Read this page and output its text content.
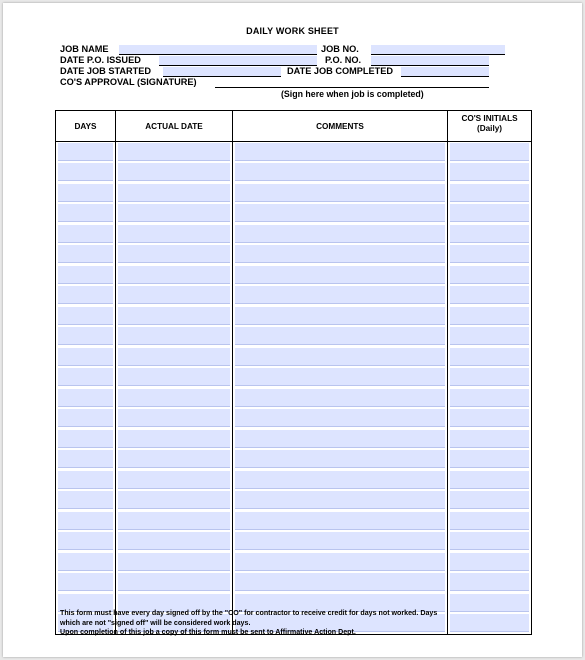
DAILY WORK SHEET
JOB NAME	JOB NO.
DATE P.O. ISSUED	P.O. NO.
DATE JOB STARTED	DATE JOB COMPLETED
CO'S APPROVAL (SIGNATURE)
(Sign here when job is completed)
DAYS	ACTUAL DATE	COMMENTS	CO'S INITIALS
(Daily)

This form must have every day signed off by the "CO" for contractor to receive credit for days not worked. Days
which are not "signed off" will be considered work days.
Upon completion of this job a copy of this form must be sent to Affirmative Action Dept.
